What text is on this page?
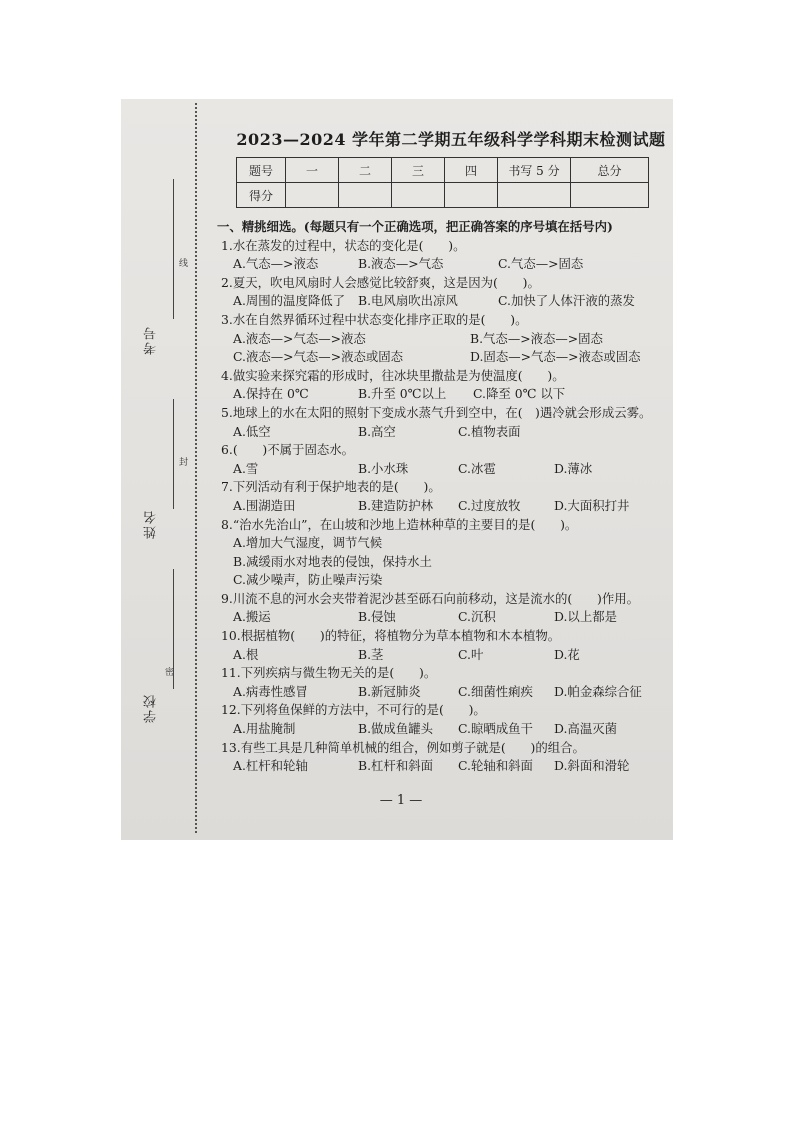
考号
姓名
学校
线
封
密
2023—2024 学年第二学期五年级科学学科期末检测试题
题号	一	二	三	四	书写 5 分	总分
得分						
一、精挑细选。(每题只有一个正确选项，把正确答案的序号填在括号内)
1.水在蒸发的过程中，状态的变化是(　　)。
A.气态—>液态	B.液态—>气态	C.气态—>固态
2.夏天，吹电风扇时人会感觉比较舒爽，这是因为(　　)。
A.周围的温度降低了	B.电风扇吹出凉风	C.加快了人体汗液的蒸发
3.水在自然界循环过程中状态变化排序正取的是(　　)。
A.液态—>气态—>液态	B.气态—>液态—>固态
C.液态—>气态—>液态或固态	D.固态—>气态—>液态或固态
4.做实验来探究霜的形成时，往冰块里撒盐是为使温度(　　)。
A.保持在 0℃	B.升至 0℃以上	C.降至 0℃ 以下
5.地球上的水在太阳的照射下变成水蒸气升到空中，在(　)遇冷就会形成云雾。
A.低空	B.高空	C.植物表面
6.(　　)不属于固态水。
A.雪	B.小水珠	C.冰雹	D.薄冰
7.下列活动有利于保护地表的是(　　)。
A.围湖造田	B.建造防护林	C.过度放牧	D.大面积打井
8.“治水先治山”，在山坡和沙地上造林种草的主要目的是(　　)。
A.增加大气湿度，调节气候
B.减缓雨水对地表的侵蚀，保持水土
C.减少噪声，防止噪声污染
9.川流不息的河水会夹带着泥沙甚至砾石向前移动，这是流水的(　　)作用。
A.搬运	B.侵蚀	C.沉积	D.以上都是
10.根据植物(　　)的特征，将植物分为草本植物和木本植物。
A.根	B.茎	C.叶	D.花
11.下列疾病与微生物无关的是(　　)。
A.病毒性感冒	B.新冠肺炎	C.细菌性痢疾	D.帕金森综合征
12.下列将鱼保鲜的方法中，不可行的是(　　)。
A.用盐腌制	B.做成鱼罐头	C.晾晒成鱼干	D.高温灭菌
13.有些工具是几种简单机械的组合，例如剪子就是(　　)的组合。
A.杠杆和轮轴	B.杠杆和斜面	C.轮轴和斜面	D.斜面和滑轮
— 1 —
